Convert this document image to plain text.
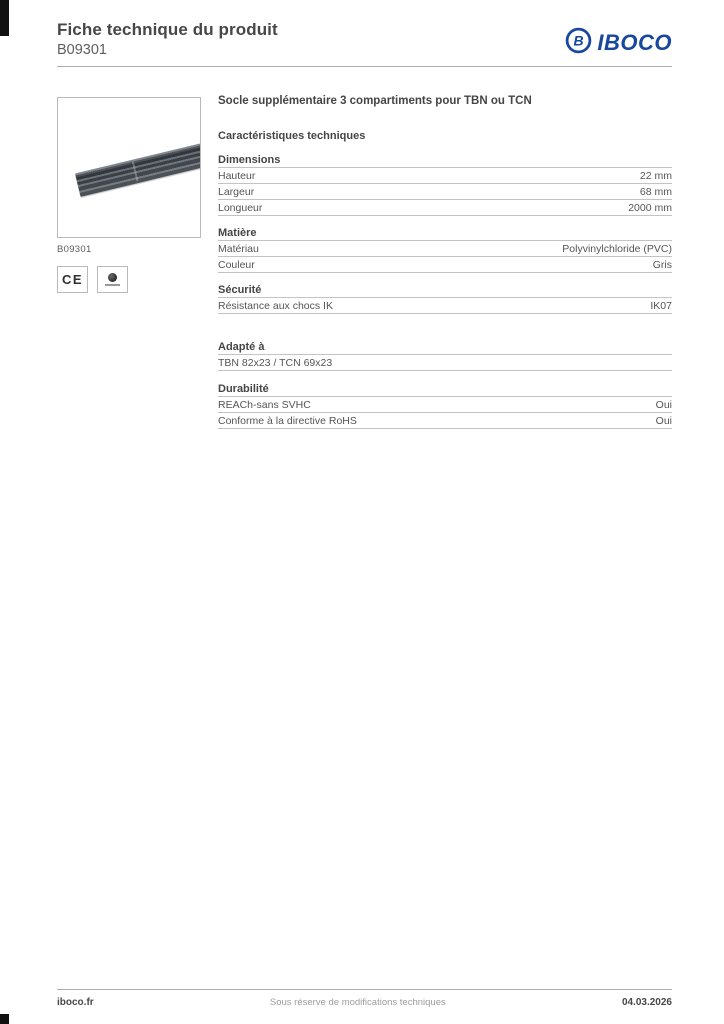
Fiche technique du produit
B09301
B IBOCO
B09301
CE
Socle supplémentaire 3 compartiments pour TBN ou TCN
Caractéristiques techniques
Dimensions
Hauteur	22 mm
Largeur	68 mm
Longueur	2000 mm
Matière
Matériau	Polyvinylchloride (PVC)
Couleur	Gris
Sécurité
Résistance aux chocs IK	IK07
Adapté à
TBN 82x23 / TCN 69x23
Durabilité
REACh-sans SVHC	Oui
Conforme à la directive RoHS	Oui
iboco.fr	Sous réserve de modifications techniques	04.03.2026
